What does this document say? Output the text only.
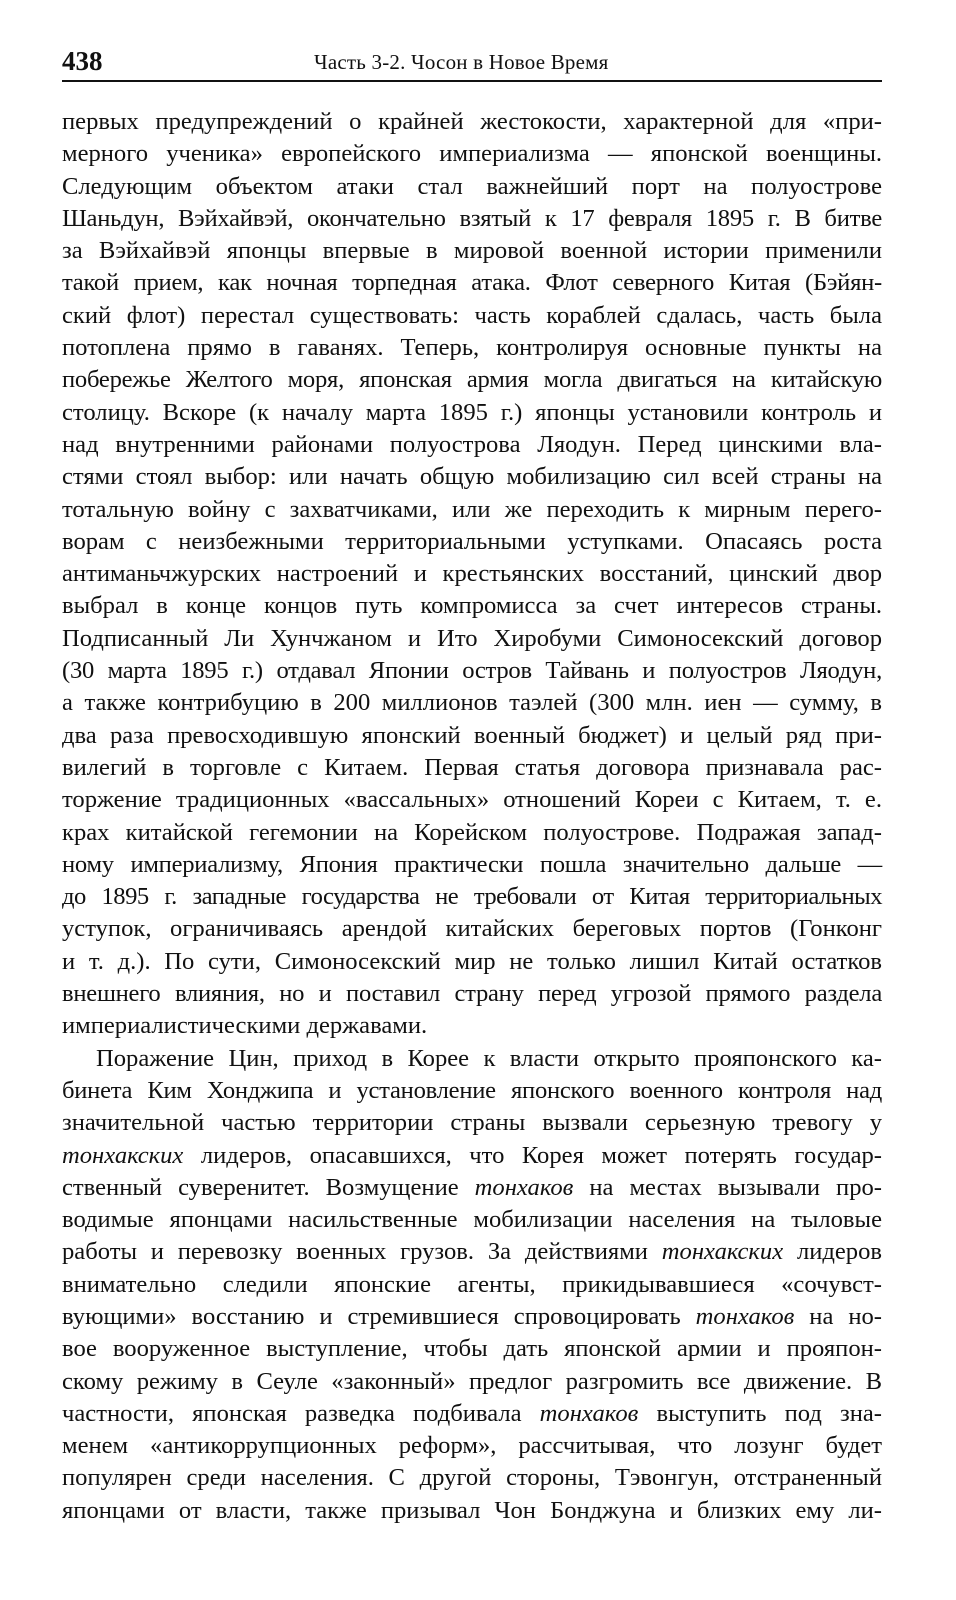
438	Часть 3-2. Чосон в Новое Время
первых предупреждений о крайней жестокости, характерной для «при-
мерного ученика» европейского империализма — японской военщины.
Следующим объектом атаки стал важнейший порт на полуострове
Шаньдун, Вэйхайвэй, окончательно взятый к 17 февраля 1895 г. В битве
за Вэйхайвэй японцы впервые в мировой военной истории применили
такой прием, как ночная торпедная атака. Флот северного Китая (Бэйян-
ский флот) перестал существовать: часть кораблей сдалась, часть была
потоплена прямо в гаванях. Теперь, контролируя основные пункты на
побережье Желтого моря, японская армия могла двигаться на китайскую
столицу. Вскоре (к началу марта 1895 г.) японцы установили контроль и
над внутренними районами полуострова Ляодун. Перед цинскими вла-
стями стоял выбор: или начать общую мобилизацию сил всей страны на
тотальную войну с захватчиками, или же переходить к мирным перего-
ворам с неизбежными территориальными уступками. Опасаясь роста
антиманьчжурских настроений и крестьянских восстаний, цинский двор
выбрал в конце концов путь компромисса за счет интересов страны.
Подписанный Ли Хунчжаном и Ито Хиробуми Симоносекский договор
(30 марта 1895 г.) отдавал Японии остров Тайвань и полуостров Ляодун,
а также контрибуцию в 200 миллионов таэлей (300 млн. иен — сумму, в
два раза превосходившую японский военный бюджет) и целый ряд при-
вилегий в торговле с Китаем. Первая статья договора признавала рас-
торжение традиционных «вассальных» отношений Кореи с Китаем, т. е.
крах китайской гегемонии на Корейском полуострове. Подражая запад-
ному империализму, Япония практически пошла значительно дальше —
до 1895 г. западные государства не требовали от Китая территориальных
уступок, ограничиваясь арендой китайских береговых портов (Гонконг
и т. д.). По сути, Симоносекский мир не только лишил Китай остатков
внешнего влияния, но и поставил страну перед угрозой прямого раздела
империалистическими державами.
Поражение Цин, приход в Корее к власти открыто прояпонского ка-
бинета Ким Хонджипа и установление японского военного контроля над
значительной частью территории страны вызвали серьезную тревогу у
тонхакских лидеров, опасавшихся, что Корея может потерять государ-
ственный суверенитет. Возмущение тонхаков на местах вызывали про-
водимые японцами насильственные мобилизации населения на тыловые
работы и перевозку военных грузов. За действиями тонхакских лидеров
внимательно следили японские агенты, прикидывавшиеся «сочувст-
вующими» восстанию и стремившиеся спровоцировать тонхаков на но-
вое вооруженное выступление, чтобы дать японской армии и прояпон-
скому режиму в Сеуле «законный» предлог разгромить все движение. В
частности, японская разведка подбивала тонхаков выступить под зна-
менем «антикоррупционных реформ», рассчитывая, что лозунг будет
популярен среди населения. С другой стороны, Тэвонгун, отстраненный
японцами от власти, также призывал Чон Бонджуна и близких ему ли-
